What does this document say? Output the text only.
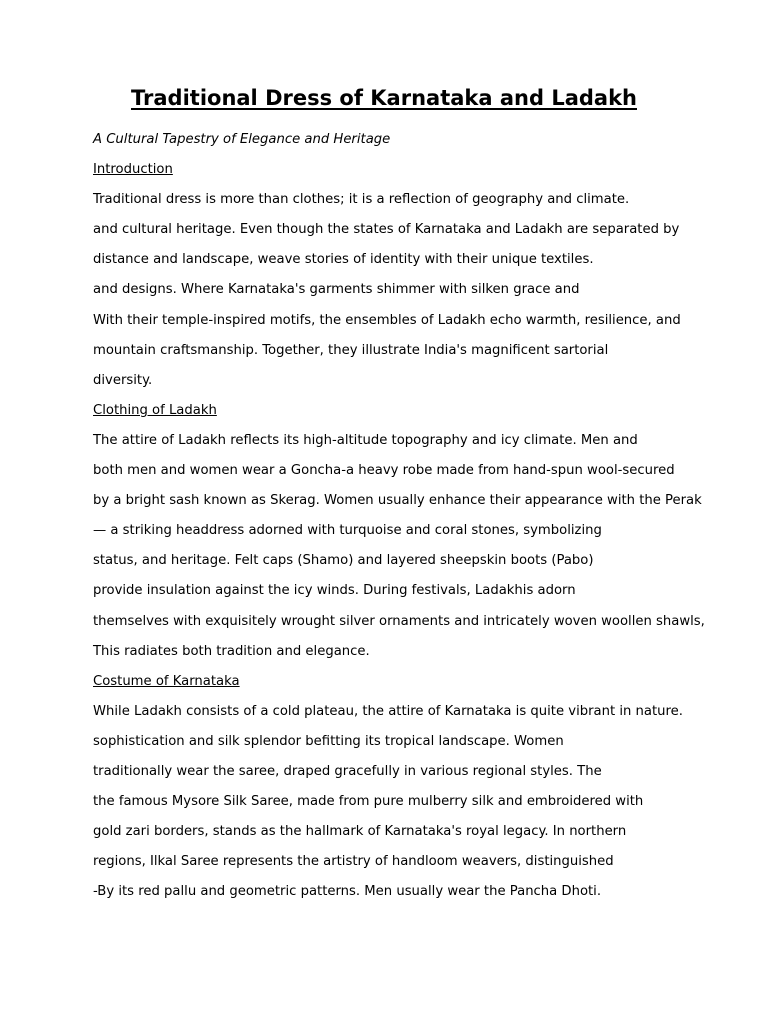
Traditional Dress of Karnataka and Ladakh
A Cultural Tapestry of Elegance and Heritage
Introduction
Traditional dress is more than clothes; it is a reflection of geography and climate.
and cultural heritage. Even though the states of Karnataka and Ladakh are separated by
distance and landscape, weave stories of identity with their unique textiles.
and designs. Where Karnataka's garments shimmer with silken grace and
With their temple-inspired motifs, the ensembles of Ladakh echo warmth, resilience, and
mountain craftsmanship. Together, they illustrate India's magnificent sartorial
diversity.
Clothing of Ladakh
The attire of Ladakh reflects its high-altitude topography and icy climate. Men and
both men and women wear a Goncha-a heavy robe made from hand-spun wool-secured
by a bright sash known as Skerag. Women usually enhance their appearance with the Perak
— a striking headdress adorned with turquoise and coral stones, symbolizing
status, and heritage. Felt caps (Shamo) and layered sheepskin boots (Pabo)
provide insulation against the icy winds. During festivals, Ladakhis adorn
themselves with exquisitely wrought silver ornaments and intricately woven woollen shawls,
This radiates both tradition and elegance.
Costume of Karnataka
While Ladakh consists of a cold plateau, the attire of Karnataka is quite vibrant in nature.
sophistication and silk splendor befitting its tropical landscape. Women
traditionally wear the saree, draped gracefully in various regional styles. The
the famous Mysore Silk Saree, made from pure mulberry silk and embroidered with
gold zari borders, stands as the hallmark of Karnataka's royal legacy. In northern
regions, Ilkal Saree represents the artistry of handloom weavers, distinguished
-By its red pallu and geometric patterns. Men usually wear the Pancha Dhoti.
